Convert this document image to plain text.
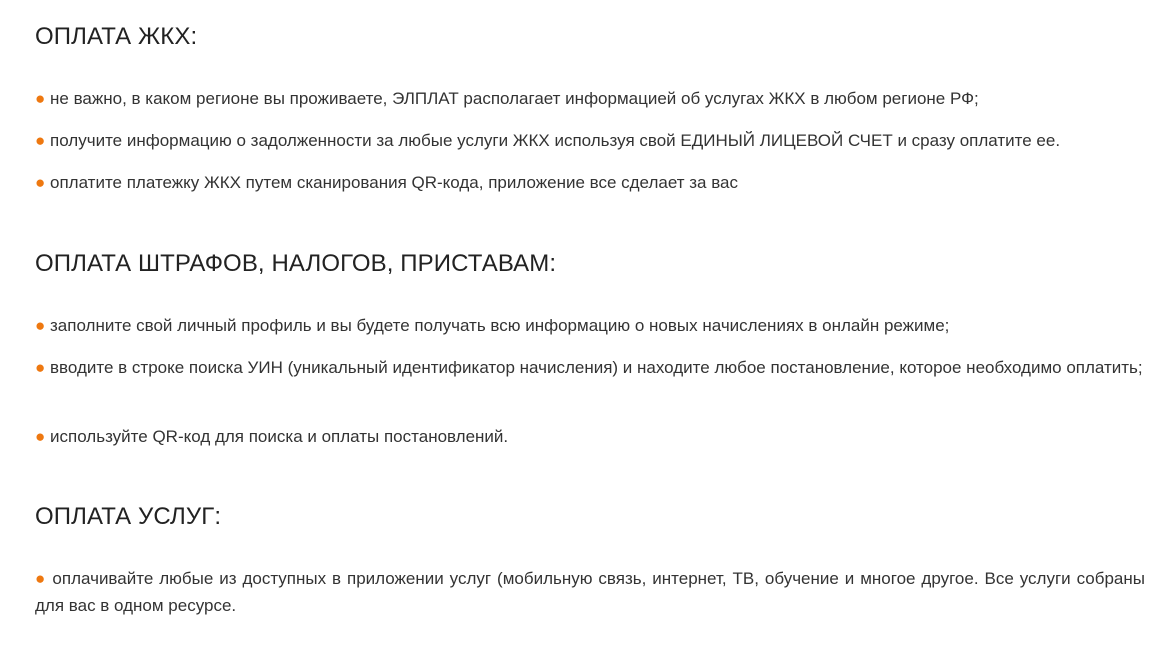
ОПЛАТА ЖКХ:

● не важно, в каком регионе вы проживаете, ЭЛПЛАТ располагает информацией об услугах ЖКХ в любом регионе РФ;

● получите информацию о задолженности за любые услуги ЖКХ используя свой ЕДИНЫЙ ЛИЦЕВОЙ СЧЕТ и сразу оплатите ее.

● оплатите платежку ЖКХ путем сканирования QR-кода, приложение все сделает за вас

ОПЛАТА ШТРАФОВ, НАЛОГОВ, ПРИСТАВАМ:

● заполните свой личный профиль и вы будете получать всю информацию о новых начислениях в онлайн режиме;

● вводите в строке поиска УИН (уникальный идентификатор начисления) и находите любое постановление, которое необходимо оплатить;

● используйте QR-код для поиска и оплаты постановлений.

ОПЛАТА УСЛУГ:

● оплачивайте любые из доступных в приложении услуг (мобильную связь, интернет, ТВ, обучение и многое другое. Все услуги собраны для вас в одном ресурсе.
